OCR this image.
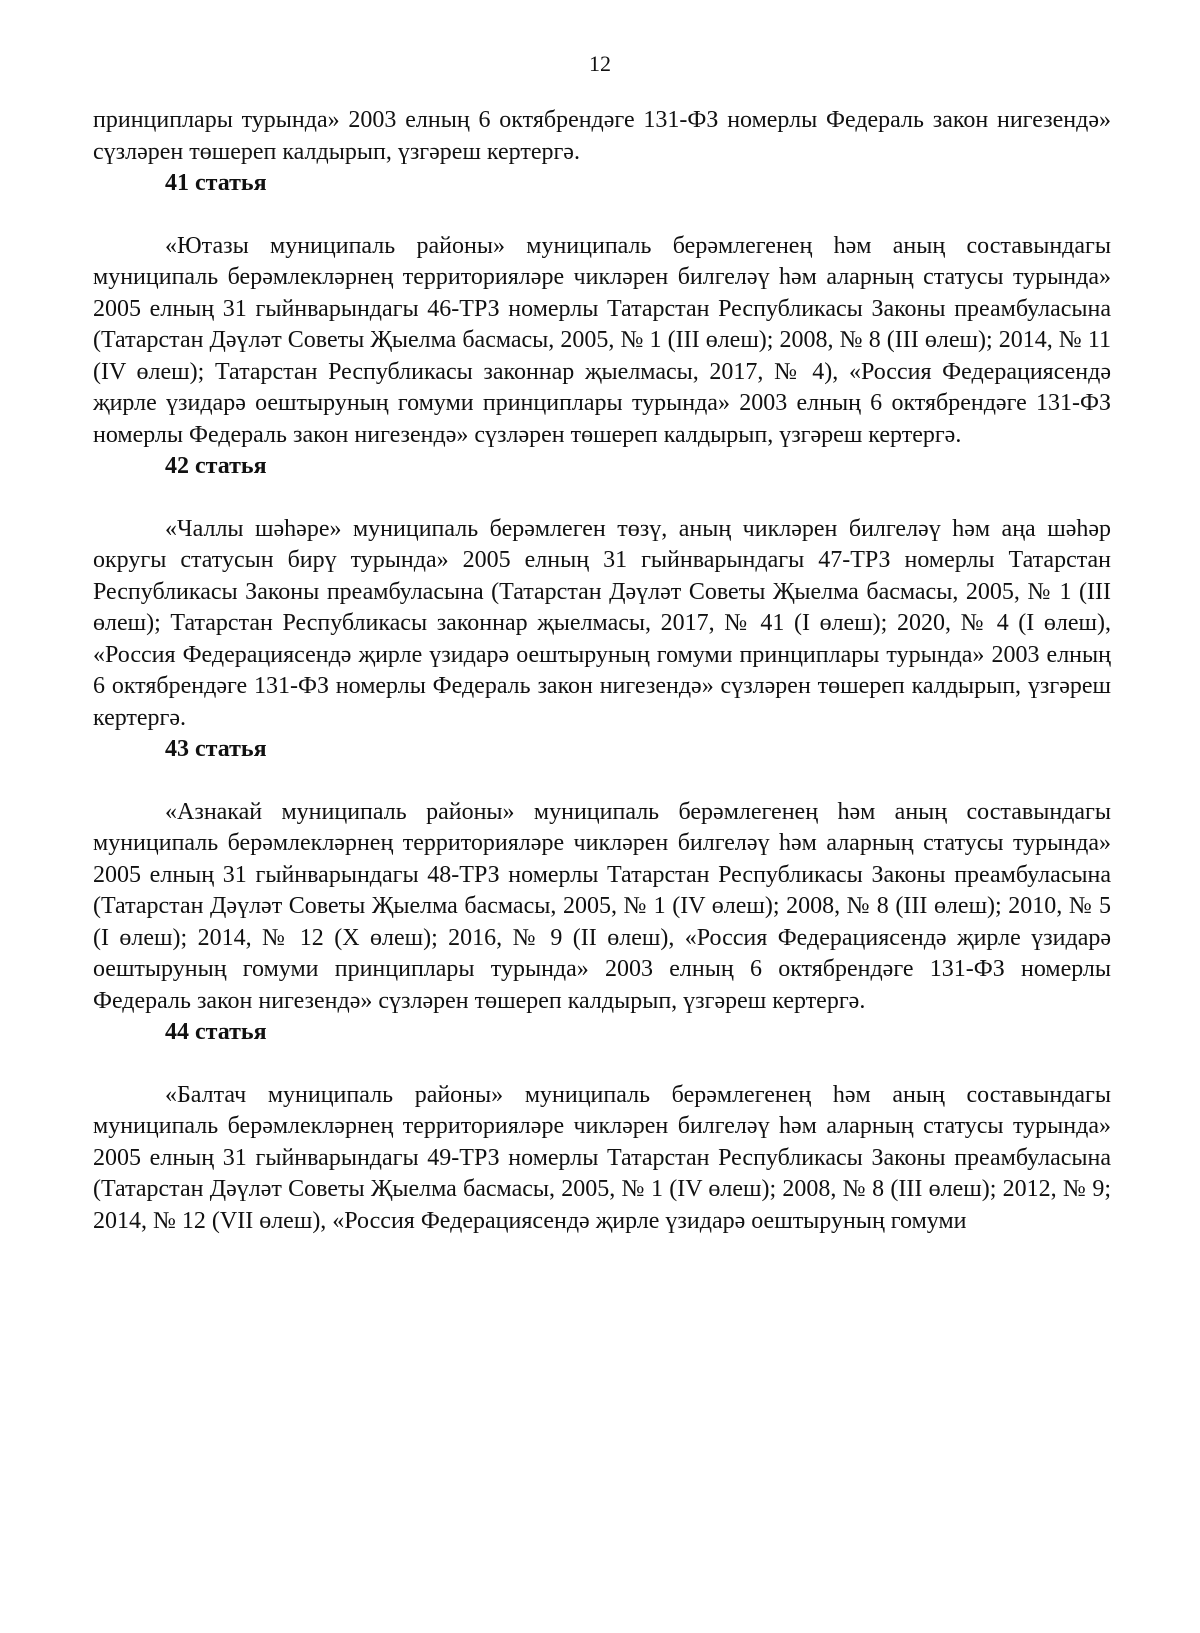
12

принциплары турында» 2003 елның 6 октябрендәге 131-ФЗ номерлы Федераль закон нигезендә» сүзләрен төшереп калдырып, үзгәреш кертергә.

41 статья

«Ютазы муниципаль районы» муниципаль берәмлегенең һәм аның составындагы муниципаль берәмлекләрнең территорияләре чикләрен билгеләү һәм аларның статусы турында» 2005 елның 31 гыйнварындагы 46-ТРЗ номерлы Татарстан Республикасы Законы преамбуласына (Татарстан Дәүләт Советы Җыелма басмасы, 2005, № 1 (III өлеш); 2008, № 8 (III өлеш); 2014, № 11 (IV өлеш); Татарстан Республикасы законнар җыелмасы, 2017, № 4), «Россия Федерациясендә җирле үзидарә оештыруның гомуми принциплары турында» 2003 елның 6 октябрендәге 131-ФЗ номерлы Федераль закон нигезендә» сүзләрен төшереп калдырып, үзгәреш кертергә.

42 статья

«Чаллы шәһәре» муниципаль берәмлеген төзү, аның чикләрен билгеләү һәм аңа шәһәр округы статусын бирү турында» 2005 елның 31 гыйнварындагы 47-ТРЗ номерлы Татарстан Республикасы Законы преамбуласына (Татарстан Дәүләт Советы Җыелма басмасы, 2005, № 1 (III өлеш); Татарстан Республикасы законнар җыелмасы, 2017, № 41 (I өлеш); 2020, № 4 (I өлеш), «Россия Федерациясендә җирле үзидарә оештыруның гомуми принциплары турында» 2003 елның 6 октябрендәге 131-ФЗ номерлы Федераль закон нигезендә» сүзләрен төшереп калдырып, үзгәреш кертергә.

43 статья

«Азнакай муниципаль районы» муниципаль берәмлегенең һәм аның составындагы муниципаль берәмлекләрнең территорияләре чикләрен билгеләү һәм аларның статусы турында» 2005 елның 31 гыйнварындагы 48-ТРЗ номерлы Татарстан Республикасы Законы преамбуласына (Татарстан Дәүләт Советы Җыелма басмасы, 2005, № 1 (IV өлеш); 2008, № 8 (III өлеш); 2010, № 5 (I өлеш); 2014, № 12 (X өлеш); 2016, № 9 (II өлеш), «Россия Федерациясендә җирле үзидарә оештыруның гомуми принциплары турында» 2003 елның 6 октябрендәге 131-ФЗ номерлы Федераль закон нигезендә» сүзләрен төшереп калдырып, үзгәреш кертергә.

44 статья

«Балтач муниципаль районы» муниципаль берәмлегенең һәм аның составындагы муниципаль берәмлекләрнең территорияләре чикләрен билгеләү һәм аларның статусы турында» 2005 елның 31 гыйнварындагы 49-ТРЗ номерлы Татарстан Республикасы Законы преамбуласына (Татарстан Дәүләт Советы Җыелма басмасы, 2005, № 1 (IV өлеш); 2008, № 8 (III өлеш); 2012, № 9; 2014, № 12 (VII өлеш), «Россия Федерациясендә җирле үзидарә оештыруның гомуми
